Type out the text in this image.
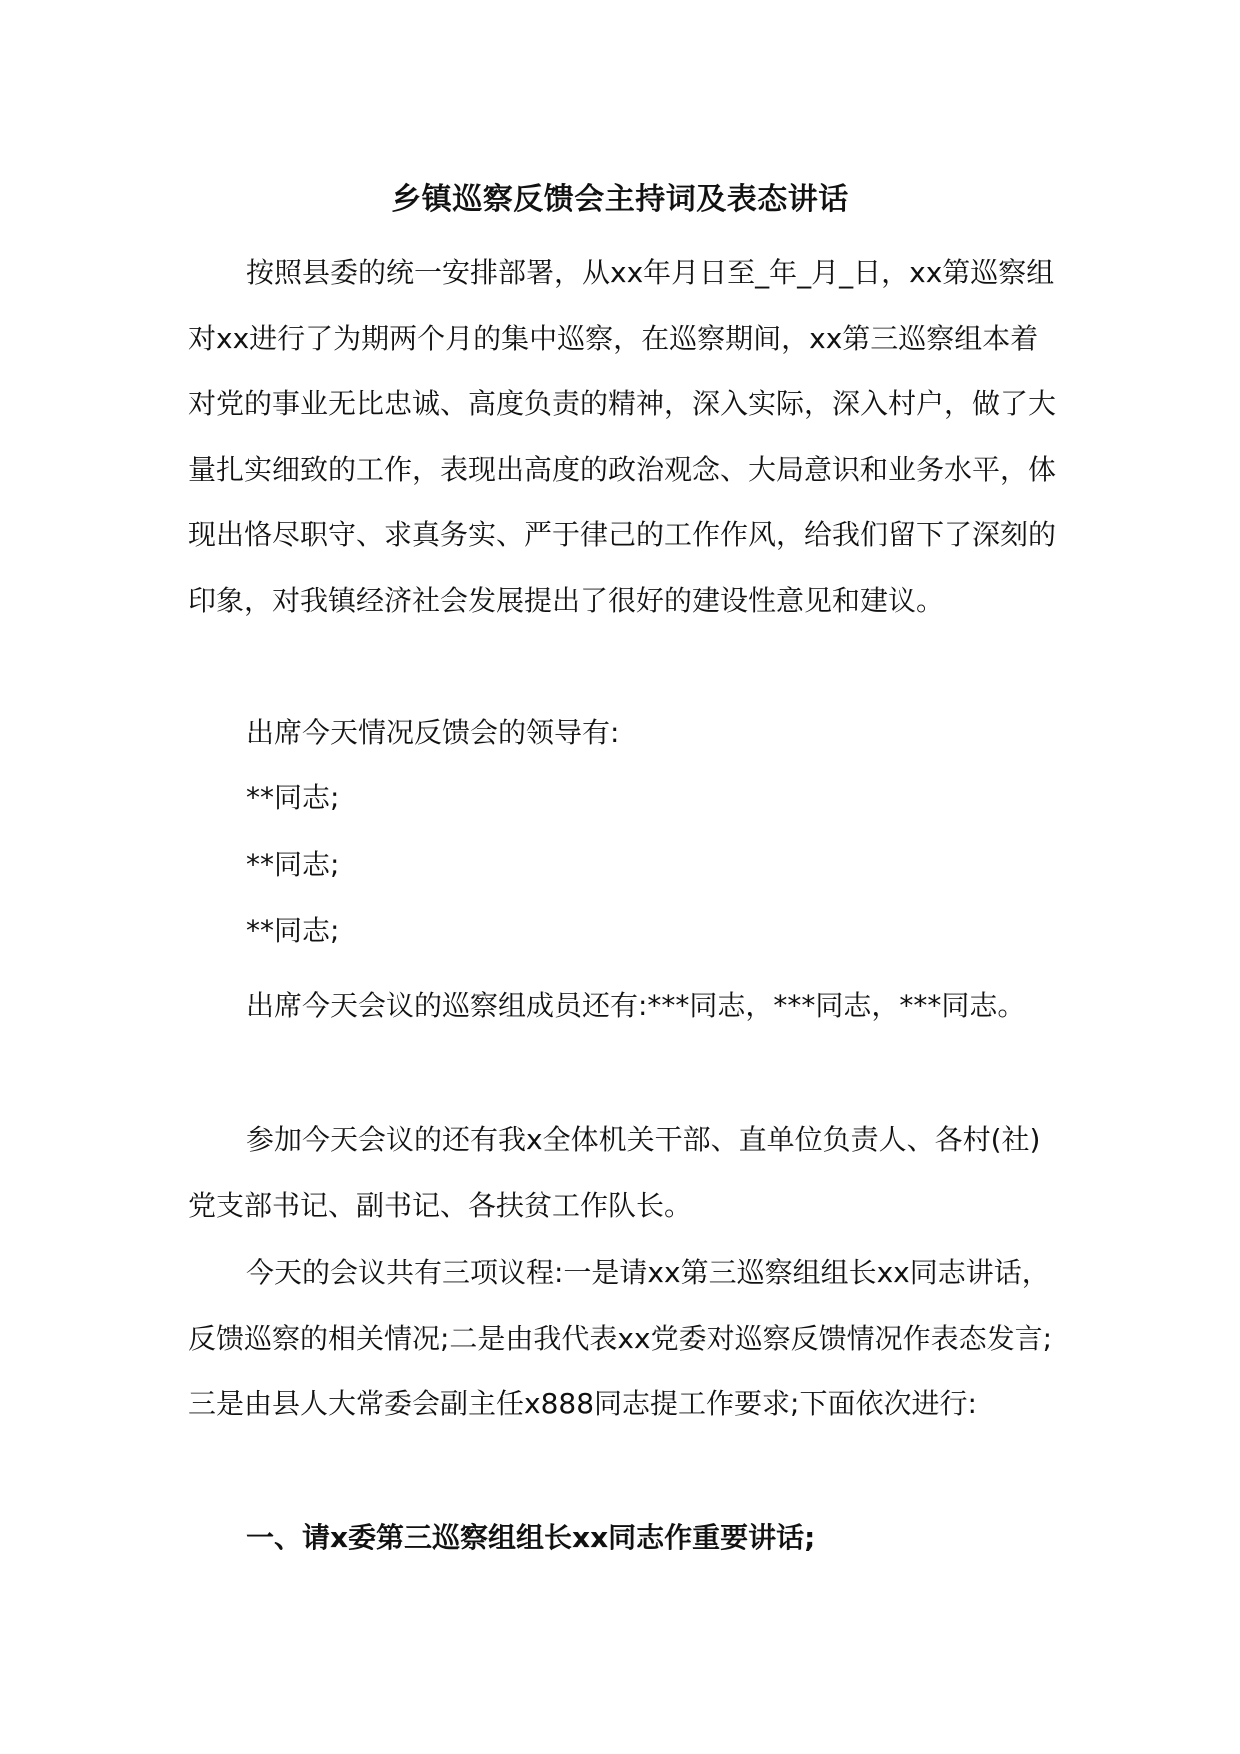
乡镇巡察反馈会主持词及表态讲话

按照县委的统一安排部署，从xx年月日至_年_月_日，xx第巡察组对xx进行了为期两个月的集中巡察，在巡察期间，xx第三巡察组本着对党的事业无比忠诚、高度负责的精神，深入实际，深入村户，做了大量扎实细致的工作，表现出高度的政治观念、大局意识和业务水平，体现出恪尽职守、求真务实、严于律己的工作作风，给我们留下了深刻的印象，对我镇经济社会发展提出了很好的建设性意见和建议。

出席今天情况反馈会的领导有:

**同志;

**同志;

**同志;

出席今天会议的巡察组成员还有:***同志，***同志，***同志。

参加今天会议的还有我x全体机关干部、直单位负责人、各村(社)党支部书记、副书记、各扶贫工作队长。

今天的会议共有三项议程:一是请xx第三巡察组组长xx同志讲话，反馈巡察的相关情况;二是由我代表xx党委对巡察反馈情况作表态发言;三是由县人大常委会副主任x888同志提工作要求;下面依次进行:

一、请x委第三巡察组组长xx同志作重要讲话;
